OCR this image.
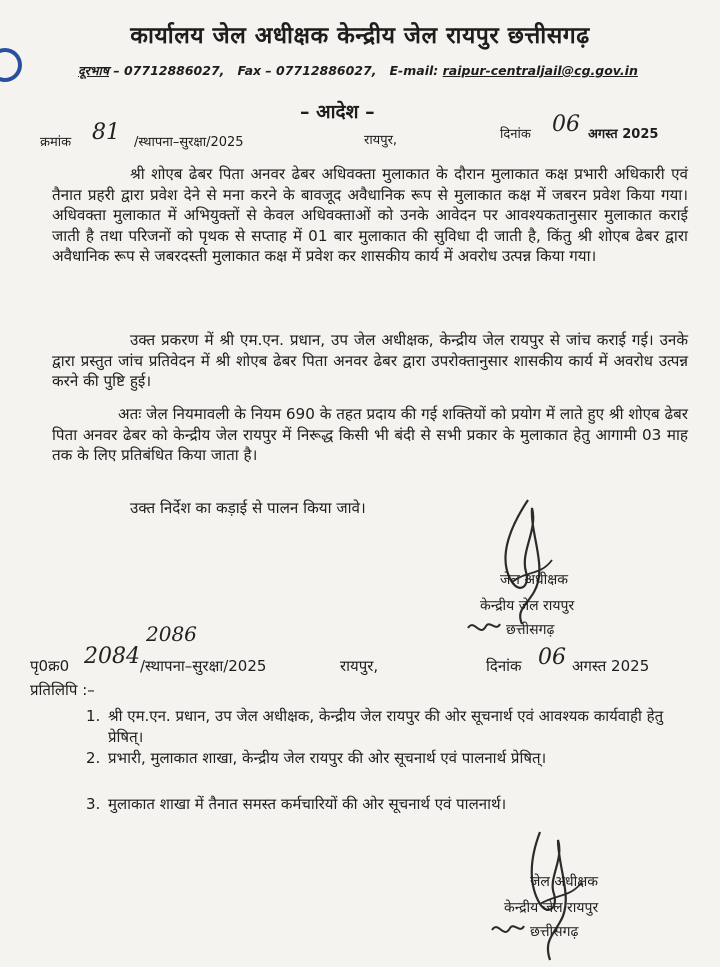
कार्यालय जेल अधीक्षक केन्द्रीय जेल रायपुर छत्तीसगढ़
दूरभाष – 07712886027, Fax – 07712886027, E-mail: raipur-centraljail@cg.gov.in
– आदेश –
क्रमांक 81 /स्थापना–सुरक्षा/2025	रायपुर,	दिनांक 06 अगस्त 2025
श्री शोएब ढेबर पिता अनवर ढेबर अधिवक्ता मुलाकात के दौरान मुलाकात कक्ष प्रभारी अधिकारी एवं तैनात प्रहरी द्वारा प्रवेश देने से मना करने के बावजूद अवैधानिक रूप से मुलाकात कक्ष में जबरन प्रवेश किया गया। अधिवक्ता मुलाकात में अभियुक्तों से केवल अधिवक्ताओं को उनके आवेदन पर आवश्यकतानुसार मुलाकात कराई जाती है तथा परिजनों को पृथक से सप्ताह में 01 बार मुलाकात की सुविधा दी जाती है, किंतु श्री शोएब ढेबर द्वारा अवैधानिक रूप से जबरदस्ती मुलाकात कक्ष में प्रवेश कर शासकीय कार्य में अवरोध उत्पन्न किया गया।
उक्त प्रकरण में श्री एम.एन. प्रधान, उप जेल अधीक्षक, केन्द्रीय जेल रायपुर से जांच कराई गई। उनके द्वारा प्रस्तुत जांच प्रतिवेदन में श्री शोएब ढेबर पिता अनवर ढेबर द्वारा उपरोक्तानुसार शासकीय कार्य में अवरोध उत्पन्न करने की पुष्टि हुई।
अतः जेल नियमावली के नियम 690 के तहत प्रदाय की गई शक्तियों को प्रयोग में लाते हुए श्री शोएब ढेबर पिता अनवर ढेबर को केन्द्रीय जेल रायपुर में निरूद्ध किसी भी बंदी से सभी प्रकार के मुलाकात हेतु आगामी 03 माह तक के लिए प्रतिबंधित किया जाता है।
उक्त निर्देश का कड़ाई से पालन किया जावे।
जेल अधीक्षक
केन्द्रीय जेल रायपुर
छत्तीसगढ़
2086
पृ0क्र0 2084 /स्थापना–सुरक्षा/2025	रायपुर,	दिनांक 06 अगस्त 2025
प्रतिलिपि :–
1. श्री एम.एन. प्रधान, उप जेल अधीक्षक, केन्द्रीय जेल रायपुर की ओर सूचनार्थ एवं आवश्यक कार्यवाही हेतु प्रेषित्।
2. प्रभारी, मुलाकात शाखा, केन्द्रीय जेल रायपुर की ओर सूचनार्थ एवं पालनार्थ प्रेषित्।
3. मुलाकात शाखा में तैनात समस्त कर्मचारियों की ओर सूचनार्थ एवं पालनार्थ।
जेल अधीक्षक
केन्द्रीय जेल रायपुर
छत्तीसगढ़
